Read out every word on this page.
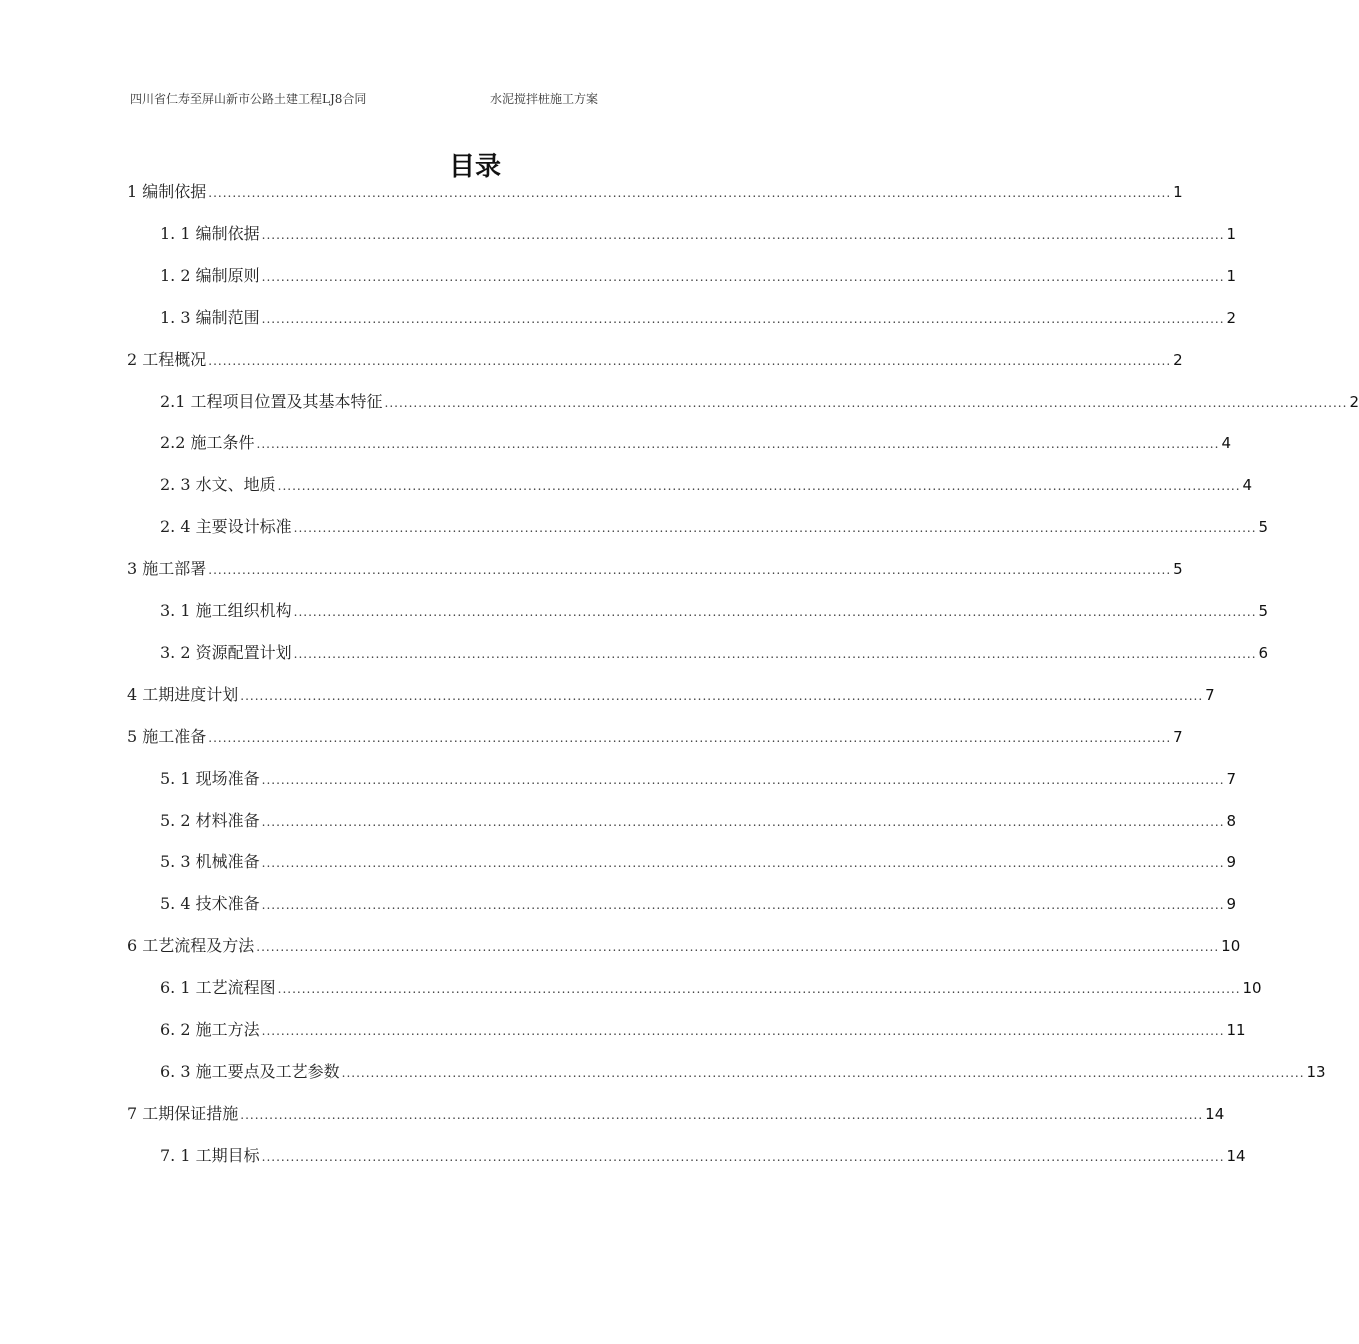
四川省仁寿至屏山新市公路土建工程LJ8合同	水泥搅拌桩施工方案
目录
1 编制依据 ........................................................................................................................................................................................................ 1
1. 1 编制依据 ........................................................................................................................................................................................................ 1
1. 2 编制原则 ........................................................................................................................................................................................................ 1
1. 3 编制范围 ........................................................................................................................................................................................................ 2
2 工程概况 ........................................................................................................................................................................................................ 2
2.1 工程项目位置及其基本特征 ........................................................................................................................................................................................................ 2
2.2 施工条件 ........................................................................................................................................................................................................ 4
2. 3 水文、地质 ........................................................................................................................................................................................................ 4
2. 4 主要设计标准 ........................................................................................................................................................................................................ 5
3 施工部署 ........................................................................................................................................................................................................ 5
3. 1 施工组织机构 ........................................................................................................................................................................................................ 5
3. 2 资源配置计划 ........................................................................................................................................................................................................ 6
4 工期进度计划 ........................................................................................................................................................................................................ 7
5 施工准备 ........................................................................................................................................................................................................ 7
5. 1 现场准备 ........................................................................................................................................................................................................ 7
5. 2 材料准备 ........................................................................................................................................................................................................ 8
5. 3 机械准备 ........................................................................................................................................................................................................ 9
5. 4 技术准备 ........................................................................................................................................................................................................ 9
6 工艺流程及方法 ........................................................................................................................................................................................................ 10
6. 1 工艺流程图 ........................................................................................................................................................................................................ 10
6. 2 施工方法 ........................................................................................................................................................................................................ 11
6. 3 施工要点及工艺参数 ........................................................................................................................................................................................................ 13
7 工期保证措施 ........................................................................................................................................................................................................ 14
7. 1 工期目标 ........................................................................................................................................................................................................ 14
